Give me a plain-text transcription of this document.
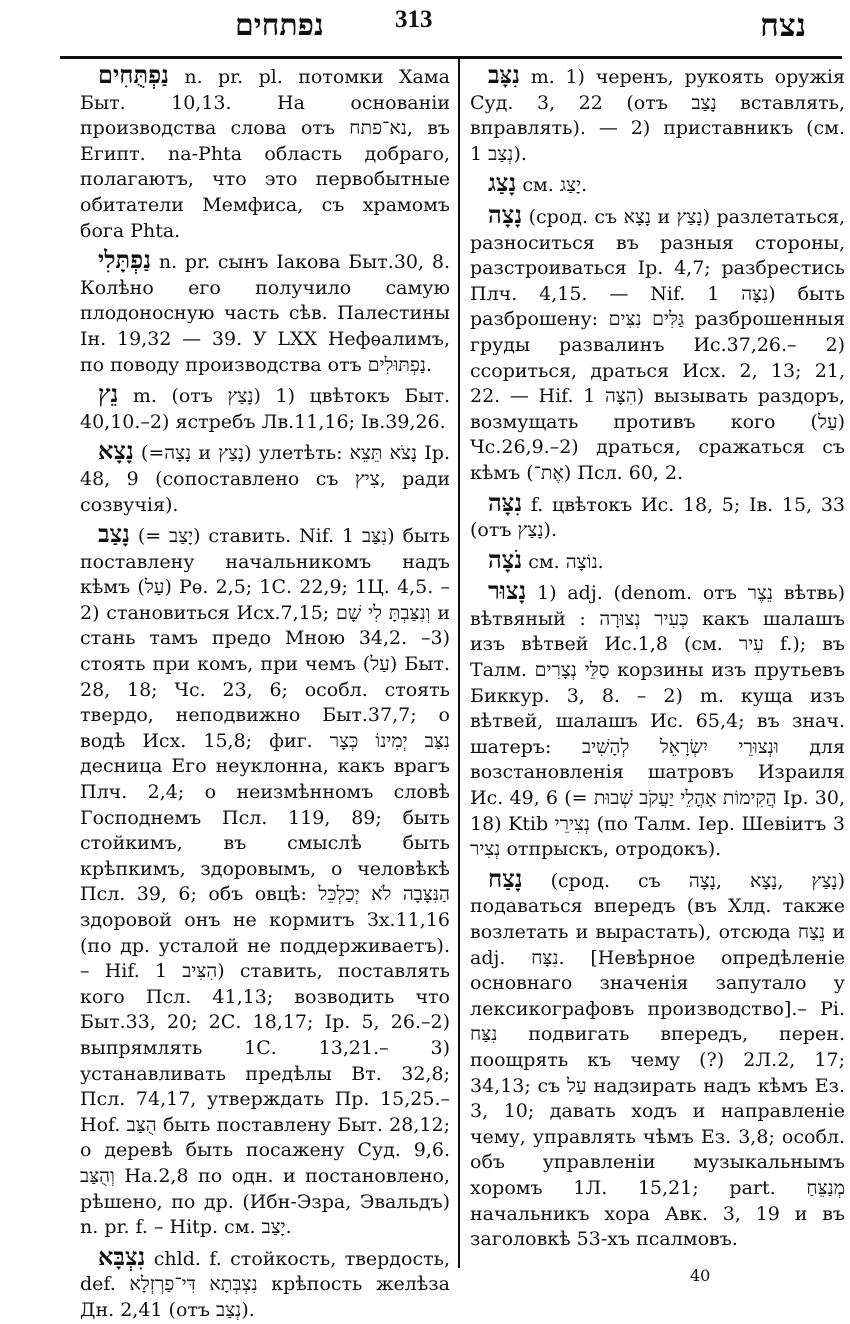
נפתחים	313	נצח

נַפְתֻּחִים n. pr. pl. потомки Хама Быт. 10,13. На основаніи производства слова отъ נא־פתח, въ Египт. na-Phta область добраго, полагаютъ, что это первобытные обитатели Мемфиса, съ храмомъ бога Phta.

נַפְתָּלִי n. pr. сынъ Іакова Быт.30, 8. Колѣно его получило самую плодоносную часть сѣв. Палестины Ін. 19,32 — 39. У LXX Нефѳалимъ, по поводу производства отъ נַפְתּוּלִים.

נֵץ m. (отъ נָצַץ) 1) цвѣтокъ Быт. 40,10.–2) ястребъ Лв.11,16; Ів.39,26.

נָצָא (=נָצָה и נָצַץ) улетѣть: נָצֹא תֵּצֵא Ір. 48, 9 (сопоставлено съ צִיץ, ради созвучія).

נָצַב (= יָצַב) ставить. Nif. נִצַּב 1) быть поставлену начальникомъ надъ кѣмъ (עַל) Рѳ. 2,5; 1С. 22,9; 1Ц. 4,5. – 2) становиться Исх.7,15; וְנִצַּבְתָּ לִי שָׁם и стань тамъ предо Мною 34,2. –3) стоять при комъ, при чемъ (עַל) Быт. 28, 18; Чс. 23, 6; особл. стоять твердо, неподвижно Быт.37,7; о водѣ Исх. 15,8; фиг. נִצַּב יְמִינוֹ כְּצָר десница Его неуклонна, какъ врагъ Плч. 2,4; о неизмѣнномъ словѣ Господнемъ Псл. 119, 89; быть стойкимъ, въ смыслѣ быть крѣпкимъ, здоровымъ, о человѣкѣ Псл. 39, 6; объ овцѣ: הַנִּצָּבָה לֹא יְכַלְכֵּל здоровой онъ не кормитъ Зх.11,16 (по др. усталой не поддерживаетъ). – Hif. הִצִּיב 1) ставить, поставлять кого Псл. 41,13; возводить что Быт.33, 20; 2С. 18,17; Ір. 5, 26.–2) выпрямлять 1С. 13,21.– 3) устанавливать предѣлы Вт. 32,8; Псл. 74,17, утверждать Пр. 15,25.– Hof. הֻצַּב быть поставлену Быт. 28,12; о деревѣ быть посажену Суд. 9,6. וְהֻצַּב На.2,8 по одн. и постановлено, рѣшено, по др. (Ибн-Эзра, Эвальдъ) n. pr. f. – Hitp. см. יָצַב.

נִצְבָּא chld. f. стойкость, твердость, def. נִצְבְּתָא דִּי־פַרְזְלָא крѣпость желѣза Дн. 2,41 (отъ נְצַב).

נִצָּב m. 1) черенъ, рукоять оружія Суд. 3, 22 (отъ נָצַב вставлять, вправлять). — 2) приставникъ (см. נְצַב 1).

נָצַג см. יָצַג.

נָצָה (срод. съ נָצָא и נָצַץ) разлетаться, разноситься въ разныя стороны, разстроиваться Ір. 4,7; разбрестись Плч. 4,15. — Nif. נִצָּה 1) быть разброшену: גַּלִּים נִצִּים разброшенныя груды развалинъ Ис.37,26.– 2) ссориться, драться Исх. 2, 13; 21, 22. — Hif. הִצָּה 1) вызывать раздоръ, возмущать противъ кого (עַל) Чс.26,9.–2) драться, сражаться съ кѣмъ (אֶת־) Псл. 60, 2.

נִצָּה f. цвѣтокъ Ис. 18, 5; Ів. 15, 33 (отъ נָצַץ).

נֹצָה см. נוֹצָה.

נָצוּר 1) adj. (denom. отъ נֵצֶר вѣтвь) вѣтвяный : כְּעִיר נְצוּרָה какъ шалашъ изъ вѣтвей Ис.1,8 (см. עִיר f.); въ Талм. סַלֵּי נְצָרִים корзины изъ прутьевъ Биккур. 3, 8. – 2) m. куща изъ вѣтвей, шалашъ Ис. 65,4; въ знач. шатеръ: וּנְצוּרֵי יִשְׂרָאֵל לְהָשִׁיב для возстановленія шатровъ Израиля Ис. 49, 6 (= הֲקִימוֹת אָהֳלֵי יַעֲקֹב שְׁבוּת Ір. 30, 18) Ktib נְצִירֵי (по Талм. Іер. Шевіитъ 3 נְצִיר отпрыскъ, отродокъ).

נָצַח (срод. съ נָצַץ ,נָצָא ,נָצָה) подаваться впередъ (въ Хлд. также возлетать и вырастать), отсюда נֵצַח и adj. נִצָּח. [Невѣрное опредѣленіе основнаго значенія запутало у лексикографовъ производство].– Pi. נִצַּח подвигать впередъ, перен. поощрять къ чему (?) 2Л.2, 17; 34,13; съ עַל надзирать надъ кѣмъ Ез. 3, 10; давать ходъ и направленіе чему, управлять чѣмъ Ез. 3,8; особл. объ управленіи музыкальнымъ хоромъ 1Л. 15,21; part. מְנַצֵּחַ начальникъ хора Авк. 3, 19 и въ заголовкѣ 53-хъ псалмовъ.

40
